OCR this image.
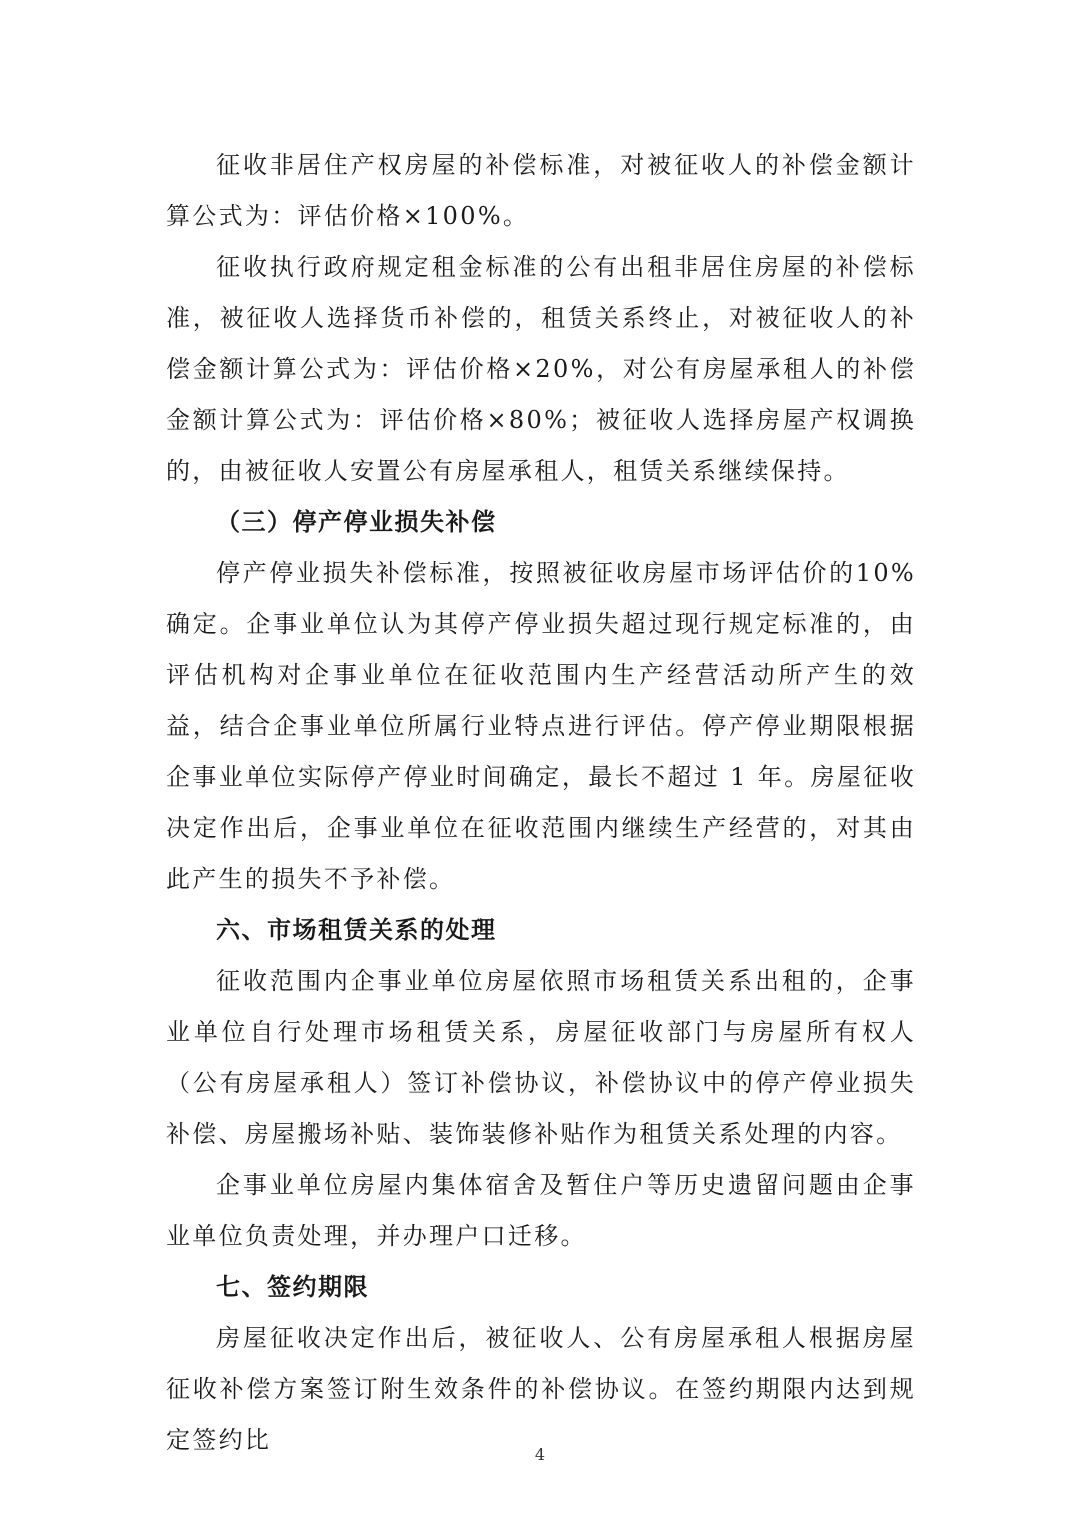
征收非居住产权房屋的补偿标准，对被征收人的补偿金额计算公式为：评估价格×100%。

征收执行政府规定租金标准的公有出租非居住房屋的补偿标准，被征收人选择货币补偿的，租赁关系终止，对被征收人的补偿金额计算公式为：评估价格×20%，对公有房屋承租人的补偿金额计算公式为：评估价格×80%；被征收人选择房屋产权调换的，由被征收人安置公有房屋承租人，租赁关系继续保持。

（三）停产停业损失补偿

停产停业损失补偿标准，按照被征收房屋市场评估价的10%确定。企事业单位认为其停产停业损失超过现行规定标准的，由评估机构对企事业单位在征收范围内生产经营活动所产生的效益，结合企事业单位所属行业特点进行评估。停产停业期限根据企事业单位实际停产停业时间确定，最长不超过 1 年。房屋征收决定作出后，企事业单位在征收范围内继续生产经营的，对其由此产生的损失不予补偿。

六、市场租赁关系的处理

征收范围内企事业单位房屋依照市场租赁关系出租的，企事业单位自行处理市场租赁关系，房屋征收部门与房屋所有权人（公有房屋承租人）签订补偿协议，补偿协议中的停产停业损失补偿、房屋搬场补贴、装饰装修补贴作为租赁关系处理的内容。

企事业单位房屋内集体宿舍及暂住户等历史遗留问题由企事业单位负责处理，并办理户口迁移。

七、签约期限

房屋征收决定作出后，被征收人、公有房屋承租人根据房屋征收补偿方案签订附生效条件的补偿协议。在签约期限内达到规定签约比

4
